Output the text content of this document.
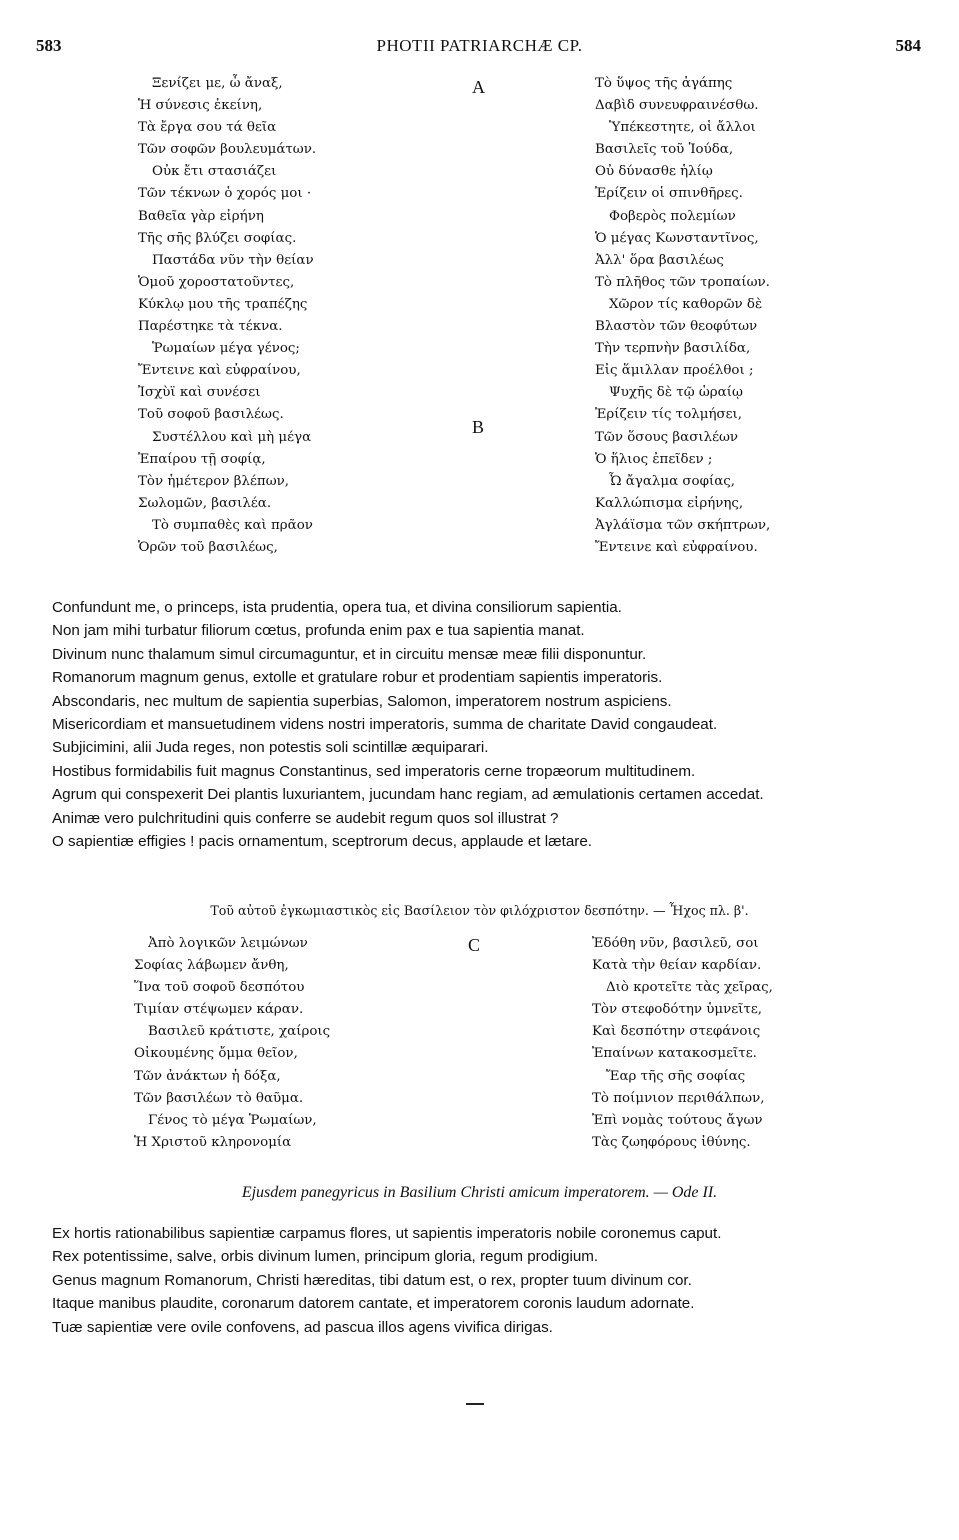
583	PHOTII PATRIARCHÆ CP.	584
Ξενίζει με, ὦ ἄναξ,
Ἡ σύνεσις ἐκείνη,
Τὰ ἔργα σου τά θεῖα
Τῶν σοφῶν βουλευμάτων.
Οὐκ ἔτι στασιάζει
Τῶν τέκνων ὁ χορός μοι ·
Βαθεῖα γὰρ εἰρήνη
Τῆς σῆς βλύζει σοφίας.
Παστάδα νῦν τὴν θείαν
Ὁμοῦ χοροστατοῦντες,
Κύκλῳ μου τῆς τραπέζης
Παρέστηκε τὰ τέκνα.
Ῥωμαίων μέγα γένος;
Ἔντεινε καὶ εὐφραίνου,
Ἰσχὺϊ καὶ συνέσει
Τοῦ σοφοῦ βασιλέως.
Συστέλλου καὶ μὴ μέγα
Ἐπαίρου τῇ σοφίᾳ,
Τὸν ἡμέτερον βλέπων,
Σωλομῶν, βασιλέα.
Τὸ συμπαθὲς καὶ πρᾶον
Ὁρῶν τοῦ βασιλέως,
Τὸ ὕψος τῆς ἀγάπης
Δαβὶδ συνευφραινέσθω.
Ὑπέκεστητε, οἱ ἄλλοι
Βασιλεῖς τοῦ Ἰούδα,
Οὐ δύνασθε ἡλίῳ
Ἐρίζειν οἱ σπινθῆρες.
Φοβερὸς πολεμίων
Ὁ μέγας Κωνσταντῖνος,
Ἀλλ' ὅρα βασιλέως
Τὸ πλῆθος τῶν τροπαίων.
Χῶρον τίς καθορῶν δὲ
Βλαστὸν τῶν θεοφύτων
Τὴν τερπνὴν βασιλίδα,
Εἰς ἅμιλλαν προέλθοι ;
Ψυχῆς δὲ τῷ ὡραίῳ
Ἐρίζειν τίς τολμήσει,
Τῶν ὅσους βασιλέων
Ὁ ἥλιος ἐπεῖδεν ;
Ὦ ἄγαλμα σοφίας,
Καλλώπισμα εἰρήνης,
Ἀγλάϊσμα τῶν σκήπτρων,
Ἔντεινε καὶ εὐφραίνου.
A
B

Confundunt me, o princeps, ista prudentia, opera tua, et divina consiliorum sapientia.

Non jam mihi turbatur filiorum cœtus, profunda enim pax e tua sapientia manat.

Divinum nunc thalamum simul circumaguntur, et in circuitu mensæ meæ filii disponuntur.

Romanorum magnum genus, extolle et gratulare robur et prodentiam sapientis imperatoris.

Abscondaris, nec multum de sapientia superbias, Salomon, imperatorem nostrum aspiciens.

Misericordiam et mansuetudinem videns nostri imperatoris, summa de charitate David congaudeat.

Subjicimini, alii Juda reges, non potestis soli scintillæ æquiparari.

Hostibus formidabilis fuit magnus Constantinus, sed imperatoris cerne tropæorum multitudinem.

Agrum qui conspexerit Dei plantis luxuriantem, jucundam hanc regiam, ad æmulationis certamen accedat.

Animæ vero pulchritudini quis conferre se audebit regum quos sol illustrat ?

O sapientiæ effigies ! pacis ornamentum, sceptrorum decus, applaude et lætare.

Τοῦ αὐτοῦ ἐγκωμιαστικὸς εἰς Βασίλειον τὸν φιλόχριστον δεσπότην. — Ἦχος πλ. β'.
Ἀπὸ λογικῶν λειμώνων
Σοφίας λάβωμεν ἄνθη,
Ἵνα τοῦ σοφοῦ δεσπότου
Τιμίαν στέψωμεν κάραν.
Βασιλεῦ κράτιστε, χαίροις
Οἰκουμένης ὄμμα θεῖον,
Τῶν ἀνάκτων ἡ δόξα,
Τῶν βασιλέων τὸ θαῦμα.
Γένος τὸ μέγα Ῥωμαίων,
Ἡ Χριστοῦ κληρονομία
Ἐδόθη νῦν, βασιλεῦ, σοι
Κατὰ τὴν θείαν καρδίαν.
Διὸ κροτεῖτε τὰς χεῖρας,
Τὸν στεφοδότην ὑμνεῖτε,
Καὶ δεσπότην στεφάνοις
Ἐπαίνων κατακοσμεῖτε.
Ἔαρ τῆς σῆς σοφίας
Τὸ ποίμνιον περιθάλπων,
Ἐπὶ νομὰς τούτους ἄγων
Τὰς ζωηφόρους ἰθύνης.
C
Ejusdem panegyricus in Basilium Christi amicum imperatorem. — Ode II.

Ex hortis rationabilibus sapientiæ carpamus flores, ut sapientis imperatoris nobile coronemus caput.

Rex potentissime, salve, orbis divinum lumen, principum gloria, regum prodigium.

Genus magnum Romanorum, Christi hæreditas, tibi datum est, o rex, propter tuum divinum cor.

Itaque manibus plaudite, coronarum datorem cantate, et imperatorem coronis laudum adornate.

Tuæ sapientiæ vere ovile confovens, ad pascua illos agens vivifica dirigas.
